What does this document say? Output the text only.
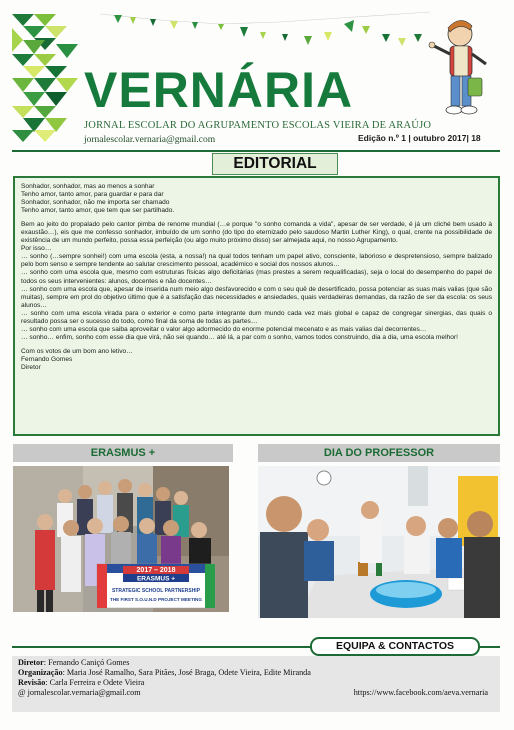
VERNÁRIA
JORNAL ESCOLAR DO AGRUPAMENTO ESCOLAS VIEIRA DE ARAÚJO
jornalescolar.vernaria@gmail.com	Edição n.º 1 | outubro 2017| 18
EDITORIAL

Sonhador, sonhador, mas ao menos a sonhar

Tenho amor, tanto amor, para guardar e para dar

Sonhador, sonhador, não me importa ser chamado

Tenho amor, tanto amor, que tem que ser partilhado.

Bem ao jeito do propalado pelo cantor pimba de renome mundial (…e porque "o sonho comanda a vida", apesar de ser verdade, é já um cliché bem usado à exaustão…), eis que me confesso sonhador, imbuído de um sonho (do tipo do eternizado pelo saudoso Martin Luther King), o qual, crente na possibilidade de existência de um mundo perfeito, possa essa perfeição (ou algo muito próximo disso) ser almejada aqui, no nosso Agrupamento.

Por isso…

… sonho (…sempre sonhei!) com uma escola (esta, a nossa!) na qual todos tenham um papel ativo, consciente, laborioso e despretensioso, sempre balizado pelo bom senso e sempre tendente ao salutar crescimento pessoal, académico e social dos nossos alunos…

… sonho com uma escola que, mesmo com estruturas físicas algo deficitárias (mas prestes a serem requalificadas), seja o local do desempenho do papel de todos os seus intervenientes: alunos, docentes e não docentes…

… sonho com uma escola que, apesar de inserida num meio algo desfavorecido e com o seu quê de desertificado, possa potenciar as suas mais valias (que são muitas), sempre em prol do objetivo último que é a satisfação das necessidades e ansiedades, quais verdadeiras demandas, da razão de ser da escola: os seus alunos…

… sonho com uma escola virada para o exterior e como parte integrante dum mundo cada vez mais global e capaz de congregar sinergias, das quais o resultado possa ser o sucesso do todo, como final da soma de todas as partes…

… sonho com uma escola que saiba aproveitar o valor algo adormecido do enorme potencial mecenato e as mais valias daí decorrentes…

… sonho… enfim, sonho com esse dia que virá, não sei quando… até lá, a par com o sonho, vamos todos construindo, dia a dia, uma escola melhor!

Com os votos de um bom ano letivo…

Fernando Gomes

Diretor

ERASMUS +	DIA DO PROFESSOR
2017 – 2018
ERASMUS +
STRATEGIC SCHOOL PARTNERSHIP
THE FIRST S.O.U.N.D PROJECT MEETING
EQUIPA & CONTACTOS
Diretor: Fernando Caniçó Gomes
Organização: Maria José Ramalho, Sara Pitães, José Braga, Odete Vieira, Edite Miranda
Revisão: Carla Ferreira e Odete Vieira
@ jornalescolar.vernaria@gmail.com	https://www.facebook.com/aeva.vernaria
